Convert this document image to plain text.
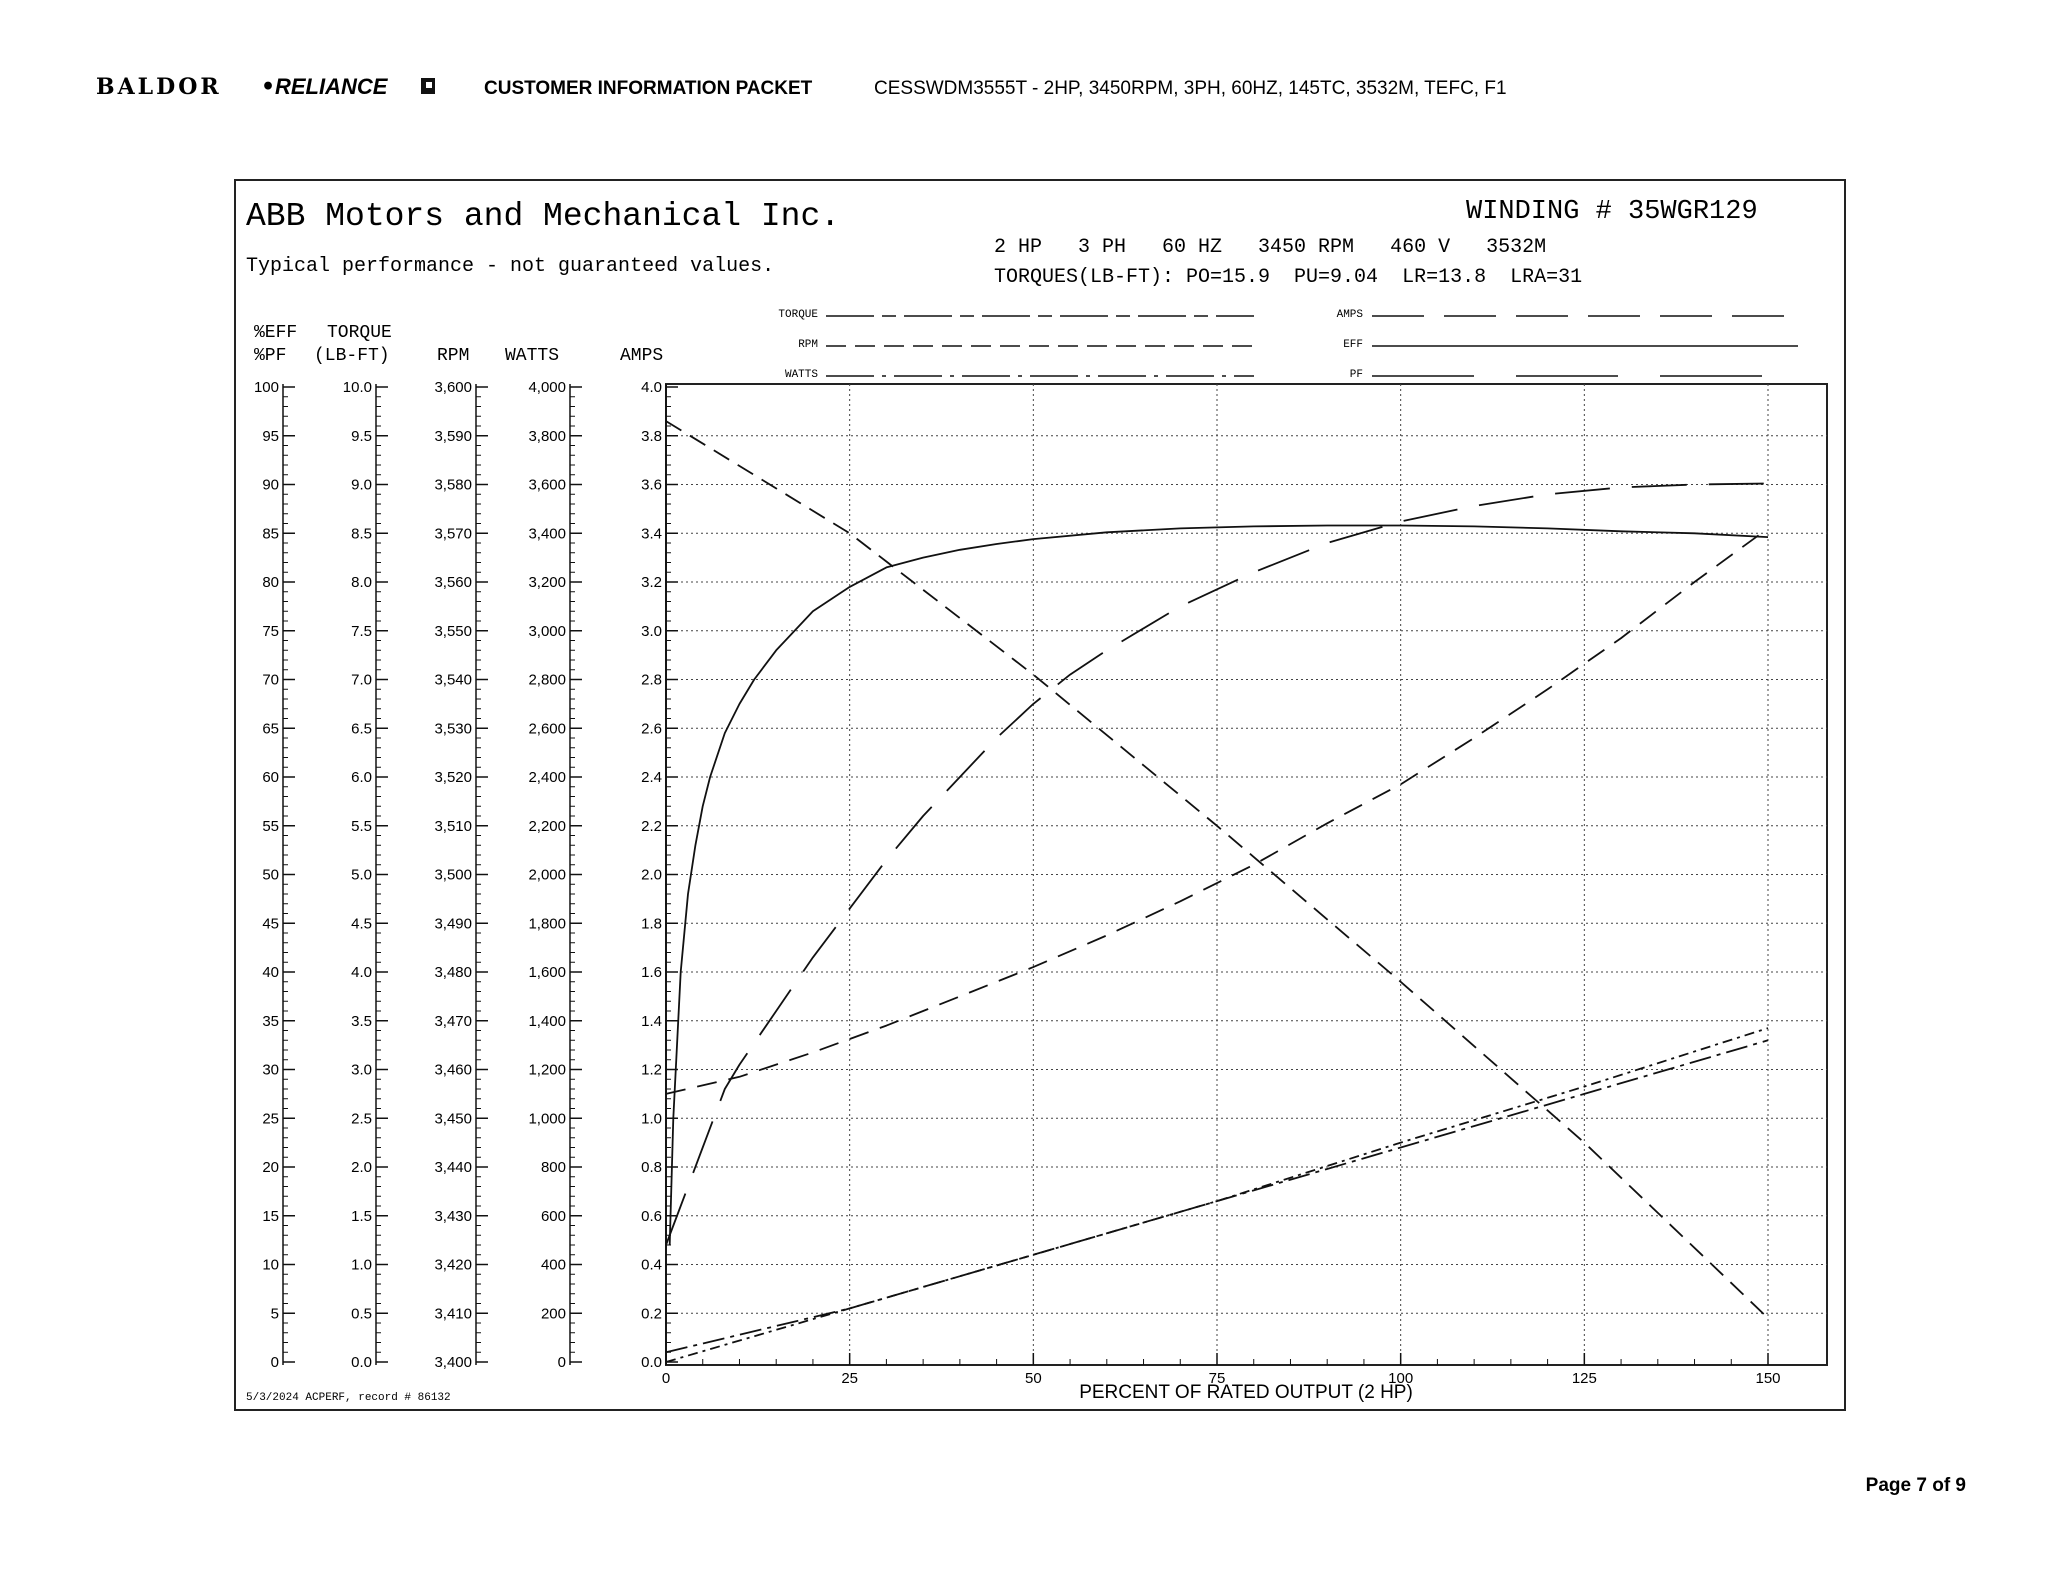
BALDOR •
RELIANCE	CUSTOMER INFORMATION PACKET	CESSWDM3555T - 2HP, 3450RPM, 3PH, 60HZ, 145TC, 3532M, TEFC, F1
ABB Motors and Mechanical Inc.
Typical performance - not guaranteed values.
WINDING # 35WGR129
2 HP   3 PH   60 HZ   3450 RPM   460 V   3532M
TORQUES(LB-FT): PO=15.9  PU=9.04  LR=13.8  LRA=31
TORQUE
RPM
WATTS
AMPS
EFF
PF
%EFF
%PF
TORQUE
(LB-FT)	RPM WATTS	AMPS
0
5
10
15
20
25
30
35
40
45
50
55
60
65
70
75
80
85
90
95
100
0.0
0.5
1.0
1.5
2.0
2.5
3.0
3.5
4.0
4.5
5.0
5.5
6.0
6.5
7.0
7.5
8.0
8.5
9.0
9.5
10.0
3,400
3,410
3,420
3,430
3,440
3,450
3,460
3,470
3,480
3,490
3,500
3,510
3,520
3,530
3,540
3,550
3,560
3,570
3,580
3,590
3,600
0
200
400
600
800
1,000
1,200
1,400
1,600
1,800
2,000
2,200
2,400
2,600
2,800
3,000
3,200
3,400
3,600
3,800
4,000
0.0
0.2
0.4
0.6
0.8
1.0
1.2
1.4
1.6
1.8
2.0
2.2
2.4
2.6
2.8
3.0
3.2
3.4
3.6
3.8
4.0
0	25	50	75	100	125	150
PERCENT OF RATED OUTPUT (2 HP)
5/3/2024 ACPERF, record # 86132
Page 7 of 9
